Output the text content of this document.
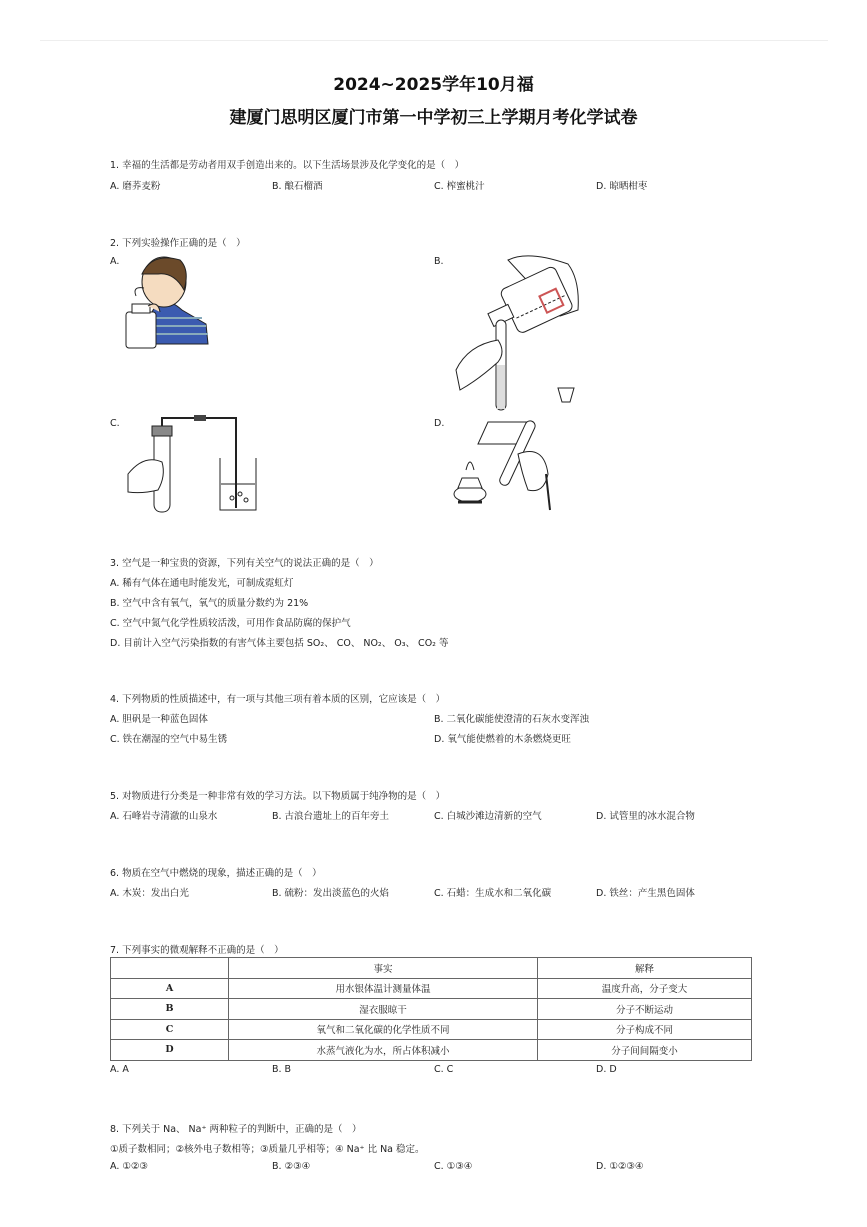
2024~2025学年10月福
建厦门思明区厦门市第一中学初三上学期月考化学试卷
1. 幸福的生活都是劳动者用双手创造出来的。以下生活场景涉及化学变化的是（　）
A. 磨荞麦粉	B. 酿石榴酒	C. 榨蜜桃汁	D. 晾晒柑枣
2. 下列实验操作正确的是（　）
A.	B.
C.	D.
3. 空气是一种宝贵的资源，下列有关空气的说法正确的是（　）
A. 稀有气体在通电时能发光，可制成霓虹灯
B. 空气中含有氧气，氧气的质量分数约为 21%
C. 空气中氮气化学性质较活泼，可用作食品防腐的保护气
D. 目前计入空气污染指数的有害气体主要包括 SO₂、 CO、 NO₂、 O₃、 CO₂ 等
4. 下列物质的性质描述中，有一项与其他三项有着本质的区别，它应该是（　）
A. 胆矾是一种蓝色固体	B. 二氧化碳能使澄清的石灰水变浑浊
C. 铁在潮湿的空气中易生锈	D. 氧气能使燃着的木条燃烧更旺
5. 对物质进行分类是一种非常有效的学习方法。以下物质属于纯净物的是（　）
A. 石峰岩寺清澈的山泉水	B. 古浪台遗址上的百年旁土	C. 白城沙滩边清新的空气	D. 试管里的冰水混合物
6. 物质在空气中燃烧的现象，描述正确的是（　）
A. 木炭：发出白光	B. 硫粉：发出淡蓝色的火焰	C. 石蜡：生成水和二氧化碳	D. 铁丝：产生黑色固体
7. 下列事实的微观解释不正确的是（　）
	事实	解释
A	用水银体温计测量体温	温度升高，分子变大
B	湿衣服晾干	分子不断运动
C	氧气和二氧化碳的化学性质不同	分子构成不同
D	水蒸气液化为水，所占体积减小	分子间间隔变小
A. A	B. B	C. C	D. D
8. 下列关于 Na、 Na⁺ 两种粒子的判断中，正确的是（　）
①质子数相同；②核外电子数相等；③质量几乎相等；④ Na⁺ 比 Na 稳定。
A. ①②③	B. ②③④	C. ①③④	D. ①②③④
